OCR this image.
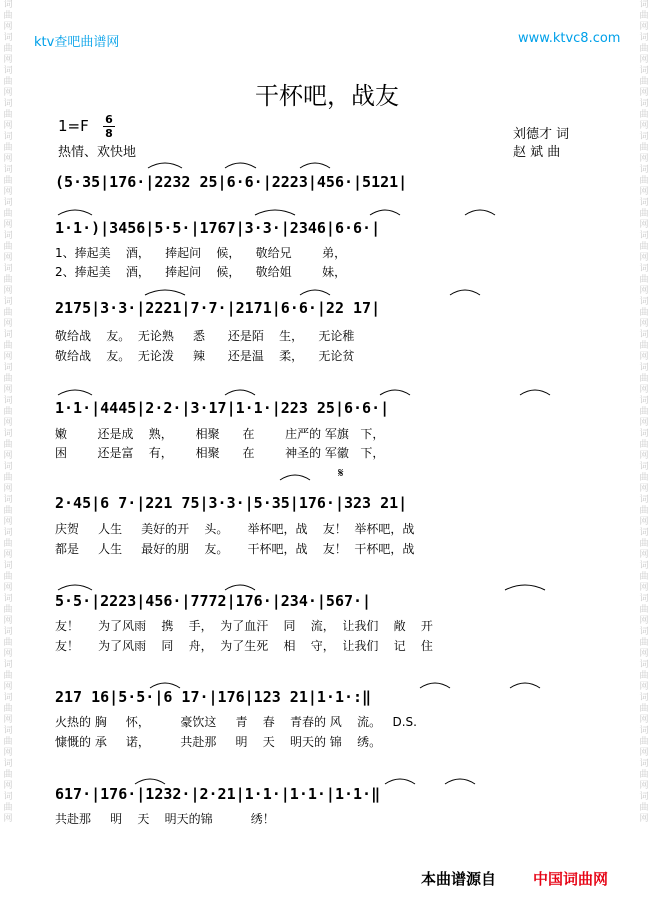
词曲网词曲网词曲网词曲网词曲网词曲网词曲网词曲网词曲网词曲网词曲网词曲网词曲网词曲网词曲网词曲网词曲网词曲网词曲网词曲网词曲网词曲网词曲网词曲网词曲网
词曲网词曲网词曲网词曲网词曲网词曲网词曲网词曲网词曲网词曲网词曲网词曲网词曲网词曲网词曲网词曲网词曲网词曲网词曲网词曲网词曲网词曲网词曲网词曲网词曲网
ktv查吧曲谱网	www.ktvc8.com
干杯吧，战友
1=F 6
8
热情、欢快地
刘德才 词
赵 斌 曲
(5·35|176·|2232 25|6·6·|2223|456·|5121|
1·1·)|3456|5·5·|1767|3·3·|2346|6·6·|
1、捧起美    酒，    捧起问    候，    敬给兄        弟，
2、捧起美    酒，    捧起问    候，    敬给姐        妹，
2175|3·3·|2221|7·7·|2171|6·6·|22 17|
敬给战    友。  无论熟     悉      还是陌    生，    无论稚
敬给战    友。  无论泼     辣      还是温    柔，    无论贫
1·1·|4445|2·2·|3·17|1·1·|223 25|6·6·|
嫩        还是成    熟，      相聚      在        庄严的 军旗   下，
困        还是富    有，      相聚      在        神圣的 军徽   下，
𝄋
2·45|6 7·|221 75|3·3·|5·35|176·|323 21|
庆贺     人生     美好的开    头。     举杯吧，战    友！  举杯吧，战
都是     人生     最好的朋    友。     干杯吧，战    友！  干杯吧，战
5·5·|2223|456·|7772|176·|234·|567·|
友！     为了风雨    携    手，  为了血汗    同    流，  让我们    敞    开
友！     为了风雨    同    舟，  为了生死    相    守，  让我们    记    住
217 16|5·5·|6 17·|176|123 21|1·1·:‖
火热的 胸     怀，        豪饮这     青    春    青春的 风    流。   D.S.
慷慨的 承     诺，        共赴那     明    天    明天的 锦    绣。
617·|176·|1232·|2·21|1·1·|1·1·|1·1·‖
共赴那     明    天    明天的锦          绣！
本曲谱源自 中国词曲网
